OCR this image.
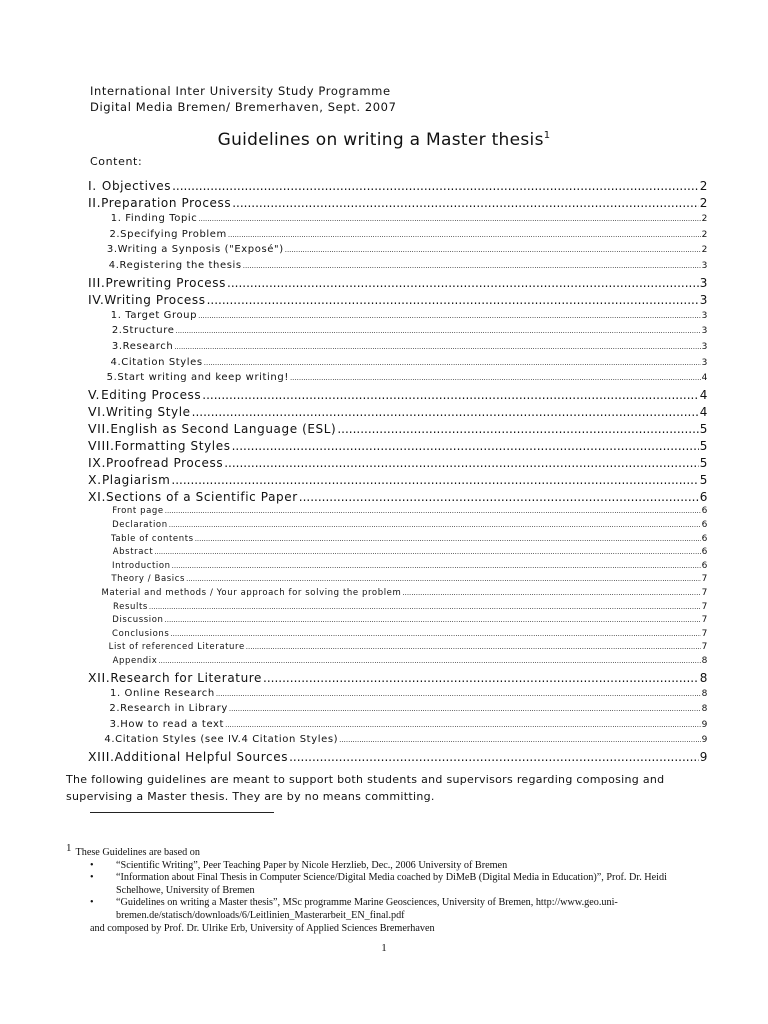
International Inter University Study Programme
Digital Media Bremen/ Bremerhaven, Sept. 2007
Guidelines on writing a Master thesis$^1$
Content:
I. Objectives .....	2
II. Preparation Process .....	2
1. Finding Topic .....	2
2.Specifying Problem .....	2
3.Writing a Synposis ("Exposé") .....	2
4.Registering the thesis .....	3
III. Prewriting Process .....	3
IV. Writing Process .....	3
1. Target Group .....	3
2.Structure .....	3
3.Research .....	3
4.Citation Styles .....	3
5.Start writing and keep writing! .....	4
V. Editing Process .....	4
VI. Writing Style .....	4
VII. English as Second Language (ESL) .....	5
VIII. Formatting Styles .....	5
IX. Proofread Process .....	5
X. Plagiarism .....	5
XI. Sections of a Scientific Paper .....	6
Front page .....	6
Declaration .....	6
Table of contents .....	6
Abstract .....	6
Introduction .....	6
Theory / Basics .....	7
Material and methods / Your approach for solving the problem .....	7
Results .....	7
Discussion .....	7
Conclusions .....	7
List of referenced Literature .....	7
Appendix .....	8
XII. Research for Literature .....	8
1. Online Research .....	8
2.Research in Library .....	8
3.How to read a text .....	9
4.Citation Styles (see IV.4 Citation Styles) .....	9
XIII. Additional Helpful Sources .....	9
The following guidelines are meant to support both students and supervisors regarding composing and supervising a Master thesis. They are by no means committing.
1 These Guidelines are based on
• “Scientific Writing”, Peer Teaching Paper by Nicole Herzlieb, Dec., 2006 University of Bremen
• “Information about Final Thesis in Computer Science/Digital Media coached by DiMeB (Digital Media in Education)”, Prof. Dr. Heidi Schelhowe, University of Bremen
• “Guidelines on writing a Master thesis”, MSc programme Marine Geosciences, University of Bremen, http://www.geo.uni-bremen.de/statisch/downloads/6/Leitlinien_Masterarbeit_EN_final.pdf
and composed by Prof. Dr. Ulrike Erb, University of Applied Sciences Bremerhaven
1
